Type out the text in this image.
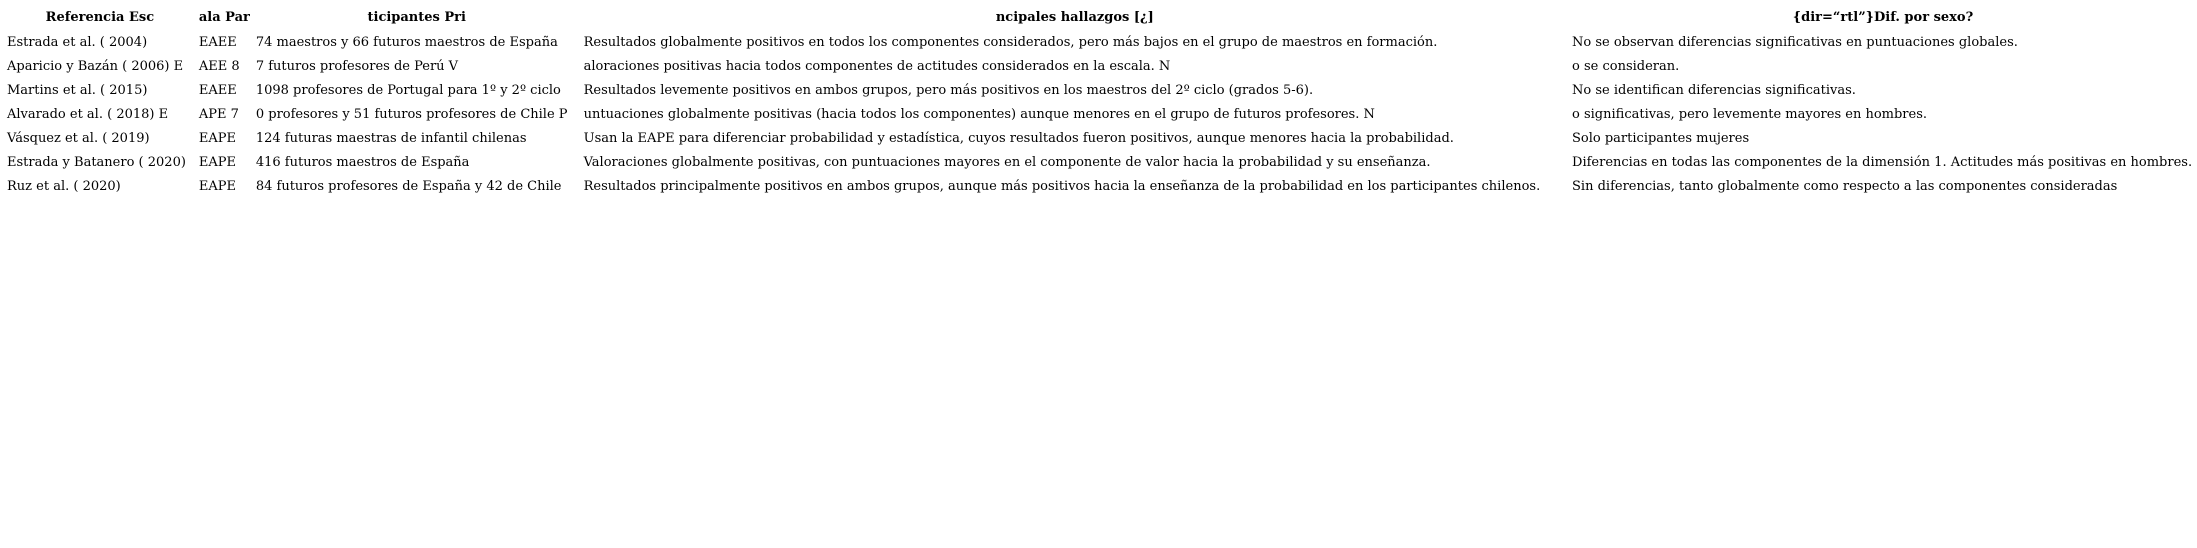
Referencia Esc	ala Par	ticipantes Pri	ncipales hallazgos [¿]	{dir=“rtl”}Dif. por sexo?
Estrada et al. ( 2004)	EAEE	74 maestros y 66 futuros maestros de España	Resultados globalmente positivos en todos los componentes considerados, pero más bajos en el grupo de maestros en formación.	No se observan diferencias significativas en puntuaciones globales.
Aparicio y Bazán ( 2006) E	AEE 8	7 futuros profesores de Perú V	aloraciones positivas hacia todos componentes de actitudes considerados en la escala. N	o se consideran.
Martins et al. ( 2015)	EAEE	1098 profesores de Portugal para 1º y 2º ciclo	Resultados levemente positivos en ambos grupos, pero más positivos en los maestros del 2º ciclo (grados 5-6).	No se identifican diferencias significativas.
Alvarado et al. ( 2018) E	APE 7	0 profesores y 51 futuros profesores de Chile P	untuaciones globalmente positivas (hacia todos los componentes) aunque menores en el grupo de futuros profesores. N	o significativas, pero levemente mayores en hombres.
Vásquez et al. ( 2019)	EAPE	124 futuras maestras de infantil chilenas	Usan la EAPE para diferenciar probabilidad y estadística, cuyos resultados fueron positivos, aunque menores hacia la probabilidad.	Solo participantes mujeres
Estrada y Batanero ( 2020)	EAPE	416 futuros maestros de España	Valoraciones globalmente positivas, con puntuaciones mayores en el componente de valor hacia la probabilidad y su enseñanza.	Diferencias en todas las componentes de la dimensión 1. Actitudes más positivas en hombres.
Ruz et al. ( 2020)	EAPE	84 futuros profesores de España y 42 de Chile	Resultados principalmente positivos en ambos grupos, aunque más positivos hacia la enseñanza de la probabilidad en los participantes chilenos.	Sin diferencias, tanto globalmente como respecto a las componentes consideradas
